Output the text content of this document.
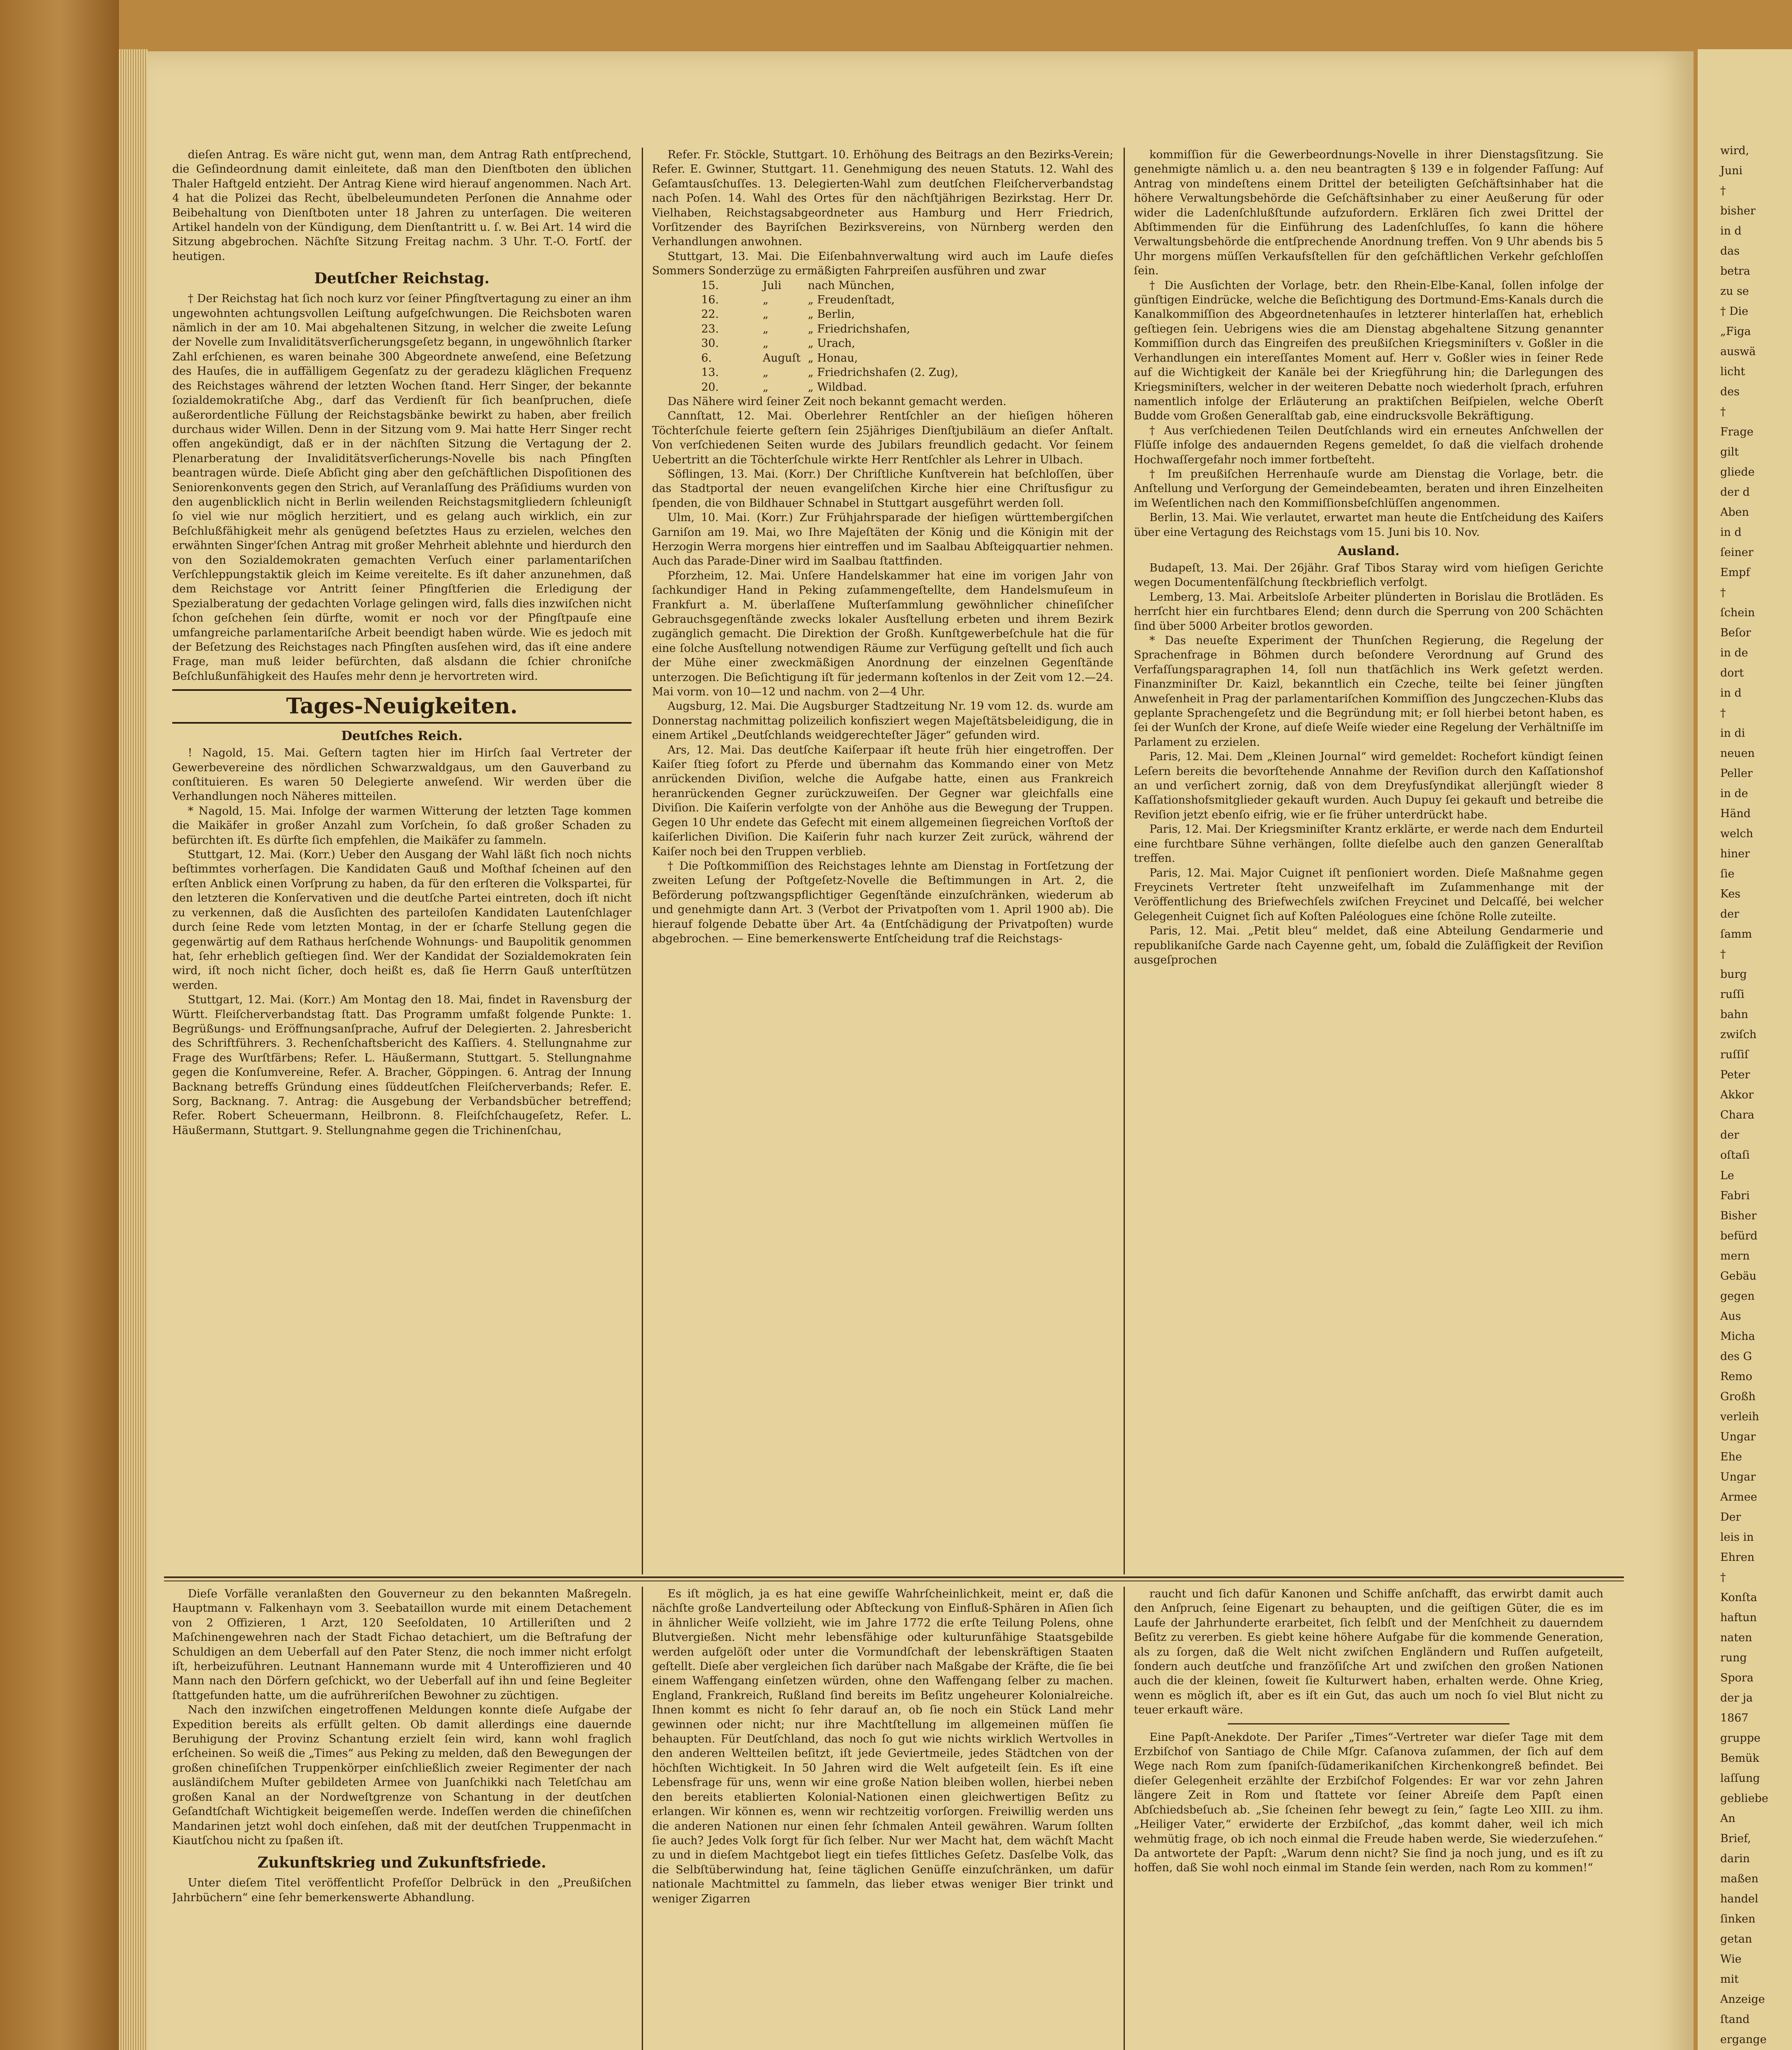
dieſen Antrag. Es wäre nicht gut, wenn man, dem Antrag Rath entſprechend, die Geſindeordnung damit einleitete, daß man den Dienſtboten den üblichen Thaler Haftgeld entzieht. Der Antrag Kiene wird hierauf angenommen. Nach Art. 4 hat die Polizei das Recht, übelbeleumundeten Perſonen die Annahme oder Beibehaltung von Dienſtboten unter 18 Jahren zu unterſagen. Die weiteren Artikel handeln von der Kündigung, dem Dienſtantritt u. ſ. w. Bei Art. 14 wird die Sitzung abgebrochen. Nächſte Sitzung Freitag nachm. 3 Uhr. T.-O. Fortſ. der heutigen.

Deutſcher Reichstag.

† Der Reichstag hat ſich noch kurz vor ſeiner Pfingſtvertagung zu einer an ihm ungewohnten achtungsvollen Leiſtung aufgeſchwungen. Die Reichsboten waren nämlich in der am 10. Mai abgehaltenen Sitzung, in welcher die zweite Leſung der Novelle zum Invaliditätsverſicherungsgeſetz begann, in ungewöhnlich ſtarker Zahl erſchienen, es waren beinahe 300 Abgeordnete anweſend, eine Beſetzung des Hauſes, die in auffälligem Gegenſatz zu der geradezu kläglichen Frequenz des Reichstages während der letzten Wochen ſtand. Herr Singer, der bekannte ſozialdemokratiſche Abg., darf das Verdienſt für ſich beanſpruchen, dieſe außerordentliche Füllung der Reichstagsbänke bewirkt zu haben, aber freilich durchaus wider Willen. Denn in der Sitzung vom 9. Mai hatte Herr Singer recht offen angekündigt, daß er in der nächſten Sitzung die Vertagung der 2. Plenarberatung der Invaliditätsverſicherungs-Novelle bis nach Pfingſten beantragen würde. Dieſe Abſicht ging aber den geſchäftlichen Dispoſitionen des Seniorenkonvents gegen den Strich, auf Veranlaſſung des Präſidiums wurden von den augenblicklich nicht in Berlin weilenden Reichstagsmitgliedern ſchleunigſt ſo viel wie nur möglich herzitiert, und es gelang auch wirklich, ein zur Beſchlußfähigkeit mehr als genügend beſetztes Haus zu erzielen, welches den erwähnten Singer'ſchen Antrag mit großer Mehrheit ablehnte und hierdurch den von den Sozialdemokraten gemachten Verſuch einer parlamentariſchen Verſchleppungstaktik gleich im Keime vereitelte. Es iſt daher anzunehmen, daß dem Reichstage vor Antritt ſeiner Pfingſtferien die Erledigung der Spezialberatung der gedachten Vorlage gelingen wird, falls dies inzwiſchen nicht ſchon geſchehen ſein dürfte, womit er noch vor der Pfingſtpauſe eine umfangreiche parlamentariſche Arbeit beendigt haben würde. Wie es jedoch mit der Beſetzung des Reichstages nach Pfingſten ausſehen wird, das iſt eine andere Frage, man muß leider befürchten, daß alsdann die ſchier chroniſche Beſchlußunfähigkeit des Hauſes mehr denn je hervortreten wird.

Tages-Neuigkeiten.
Deutſches Reich.

! Nagold, 15. Mai. Geſtern tagten hier im Hirſch ſaal Vertreter der Gewerbevereine des nördlichen Schwarzwaldgaus, um den Gauverband zu conſtituieren. Es waren 50 Delegierte anweſend. Wir werden über die Verhandlungen noch Näheres mitteilen.

* Nagold, 15. Mai. Infolge der warmen Witterung der letzten Tage kommen die Maikäfer in großer Anzahl zum Vorſchein, ſo daß großer Schaden zu befürchten iſt. Es dürfte ſich empfehlen, die Maikäfer zu ſammeln.

Stuttgart, 12. Mai. (Korr.) Ueber den Ausgang der Wahl läßt ſich noch nichts beſtimmtes vorherſagen. Die Kandidaten Gauß und Moſthaf ſcheinen auf den erſten Anblick einen Vorſprung zu haben, da für den erſteren die Volkspartei, für den letzteren die Konſervativen und die deutſche Partei eintreten, doch iſt nicht zu verkennen, daß die Ausſichten des parteiloſen Kandidaten Lautenſchlager durch ſeine Rede vom letzten Montag, in der er ſcharfe Stellung gegen die gegenwärtig auf dem Rathaus herſchende Wohnungs- und Baupolitik genommen hat, ſehr erheblich geſtiegen ſind. Wer der Kandidat der Sozialdemokraten ſein wird, iſt noch nicht ſicher, doch heißt es, daß ſie Herrn Gauß unterſtützen werden.

Stuttgart, 12. Mai. (Korr.) Am Montag den 18. Mai, findet in Ravensburg der Württ. Fleiſcherverbandstag ſtatt. Das Programm umfaßt folgende Punkte: 1. Begrüßungs- und Eröffnungsanſprache, Aufruf der Delegierten. 2. Jahresbericht des Schriftführers. 3. Rechenſchaftsbericht des Kaſſiers. 4. Stellungnahme zur Frage des Wurſtfärbens; Refer. L. Häußermann, Stuttgart. 5. Stellungnahme gegen die Konſumvereine, Refer. A. Bracher, Göppingen. 6. Antrag der Innung Backnang betreffs Gründung eines ſüddeutſchen Fleiſcherverbands; Refer. E. Sorg, Backnang. 7. Antrag: die Ausgebung der Verbandsbücher betreffend; Refer. Robert Scheuermann, Heilbronn. 8. Fleiſchſchaugeſetz, Refer. L. Häußermann, Stuttgart. 9. Stellungnahme gegen die Trichinenſchau,

Refer. Fr. Stöckle, Stuttgart. 10. Erhöhung des Beitrags an den Bezirks-Verein; Refer. E. Gwinner, Stuttgart. 11. Genehmigung des neuen Statuts. 12. Wahl des Geſamtausſchuſſes. 13. Delegierten-Wahl zum deutſchen Fleiſcherverbandstag nach Poſen. 14. Wahl des Ortes für den nächſtjährigen Bezirkstag. Herr Dr. Vielhaben, Reichstagsabgeordneter aus Hamburg und Herr Friedrich, Vorſitzender des Bayriſchen Bezirksvereins, von Nürnberg werden den Verhandlungen anwohnen.

Stuttgart, 13. Mai. Die Eiſenbahnverwaltung wird auch im Laufe dieſes Sommers Sonderzüge zu ermäßigten Fahrpreiſen ausführen und zwar

15.	Juli	nach München,
16.	„	„ Freudenſtadt,
22.	„	„ Berlin,
23.	„	„ Friedrichshafen,
30.	„	„ Urach,
6.	Auguſt „ Honau,
13.	„	„ Friedrichshafen (2. Zug),
20.	„	„ Wildbad.

Das Nähere wird ſeiner Zeit noch bekannt gemacht werden.

Cannſtatt, 12. Mai. Oberlehrer Rentſchler an der hieſigen höheren Töchterſchule feierte geſtern ſein 25jähriges Dienſtjubiläum an dieſer Anſtalt. Von verſchiedenen Seiten wurde des Jubilars freundlich gedacht. Vor ſeinem Uebertritt an die Töchterſchule wirkte Herr Rentſchler als Lehrer in Ulbach.

Söflingen, 13. Mai. (Korr.) Der Chriſtliche Kunſtverein hat beſchloſſen, über das Stadtportal der neuen evangeliſchen Kirche hier eine Chriſtusfigur zu ſpenden, die von Bildhauer Schnabel in Stuttgart ausgeführt werden ſoll.

Ulm, 10. Mai. (Korr.) Zur Frühjahrsparade der hieſigen württembergiſchen Garniſon am 19. Mai, wo Ihre Majeſtäten der König und die Königin mit der Herzogin Werra morgens hier eintreffen und im Saalbau Abſteigquartier nehmen. Auch das Parade-Diner wird im Saalbau ſtattfinden.

Pforzheim, 12. Mai. Unſere Handelskammer hat eine im vorigen Jahr von ſachkundiger Hand in Peking zuſammengeſtellte, dem Handelsmuſeum in Frankfurt a. M. überlaſſene Muſterſammlung gewöhnlicher chineſiſcher Gebrauchsgegenſtände zwecks lokaler Ausſtellung erbeten und ihrem Bezirk zugänglich gemacht. Die Direktion der Großh. Kunſtgewerbeſchule hat die für eine ſolche Ausſtellung notwendigen Räume zur Verfügung geſtellt und ſich auch der Mühe einer zweckmäßigen Anordnung der einzelnen Gegenſtände unterzogen. Die Beſichtigung iſt für jedermann koſtenlos in der Zeit vom 12.—24. Mai vorm. von 10—12 und nachm. von 2—4 Uhr.

Augsburg, 12. Mai. Die Augsburger Stadtzeitung Nr. 19 vom 12. ds. wurde am Donnerstag nachmittag polizeilich konfisziert wegen Majeſtätsbeleidigung, die in einem Artikel „Deutſchlands weidgerechteſter Jäger“ gefunden wird.

Ars, 12. Mai. Das deutſche Kaiſerpaar iſt heute früh hier eingetroffen. Der Kaiſer ſtieg ſofort zu Pferde und übernahm das Kommando einer von Metz anrückenden Diviſion, welche die Aufgabe hatte, einen aus Frankreich heranrückenden Gegner zurückzuweiſen. Der Gegner war gleichfalls eine Diviſion. Die Kaiſerin verfolgte von der Anhöhe aus die Bewegung der Truppen. Gegen 10 Uhr endete das Gefecht mit einem allgemeinen ſiegreichen Vorſtoß der kaiſerlichen Diviſion. Die Kaiſerin fuhr nach kurzer Zeit zurück, während der Kaiſer noch bei den Truppen verblieb.

† Die Poſtkommiſſion des Reichstages lehnte am Dienstag in Fortſetzung der zweiten Leſung der Poſtgeſetz-Novelle die Beſtimmungen in Art. 2, die Beförderung poſtzwangspflichtiger Gegenſtände einzuſchränken, wiederum ab und genehmigte dann Art. 3 (Verbot der Privatpoſten vom 1. April 1900 ab). Die hierauf folgende Debatte über Art. 4a (Entſchädigung der Privatpoſten) wurde abgebrochen. — Eine bemerkenswerte Entſcheidung traf die Reichstags-

kommiſſion für die Gewerbeordnungs-Novelle in ihrer Dienstagsſitzung. Sie genehmigte nämlich u. a. den neu beantragten § 139 e in folgender Faſſung: Auf Antrag von mindeſtens einem Drittel der beteiligten Geſchäftsinhaber hat die höhere Verwaltungsbehörde die Geſchäftsinhaber zu einer Aeußerung für oder wider die Ladenſchlußſtunde aufzufordern. Erklären ſich zwei Drittel der Abſtimmenden für die Einführung des Ladenſchluſſes, ſo kann die höhere Verwaltungsbehörde die entſprechende Anordnung treffen. Von 9 Uhr abends bis 5 Uhr morgens müſſen Verkaufsſtellen für den geſchäftlichen Verkehr geſchloſſen ſein.

† Die Ausſichten der Vorlage, betr. den Rhein-Elbe-Kanal, ſollen infolge der günſtigen Eindrücke, welche die Beſichtigung des Dortmund-Ems-Kanals durch die Kanalkommiſſion des Abgeordnetenhauſes in letzterer hinterlaſſen hat, erheblich geſtiegen ſein. Uebrigens wies die am Dienstag abgehaltene Sitzung genannter Kommiſſion durch das Eingreifen des preußiſchen Kriegsminiſters v. Goßler in die Verhandlungen ein intereſſantes Moment auf. Herr v. Goßler wies in ſeiner Rede auf die Wichtigkeit der Kanäle bei der Kriegführung hin; die Darlegungen des Kriegsminiſters, welcher in der weiteren Debatte noch wiederholt ſprach, erfuhren namentlich infolge der Erläuterung an praktiſchen Beiſpielen, welche Oberſt Budde vom Großen Generalſtab gab, eine eindrucksvolle Bekräftigung.

† Aus verſchiedenen Teilen Deutſchlands wird ein erneutes Anſchwellen der Flüſſe infolge des andauernden Regens gemeldet, ſo daß die vielfach drohende Hochwaſſergefahr noch immer fortbeſteht.

† Im preußiſchen Herrenhauſe wurde am Dienstag die Vorlage, betr. die Anſtellung und Verſorgung der Gemeindebeamten, beraten und ihren Einzelheiten im Weſentlichen nach den Kommiſſionsbeſchlüſſen angenommen.

Berlin, 13. Mai. Wie verlautet, erwartet man heute die Entſcheidung des Kaiſers über eine Vertagung des Reichstags vom 15. Juni bis 10. Nov.

Ausland.

Budapeſt, 13. Mai. Der 26jähr. Graf Tibos Staray wird vom hieſigen Gerichte wegen Documentenfälſchung ſteckbrieflich verfolgt.

Lemberg, 13. Mai. Arbeitsloſe Arbeiter plünderten in Borislau die Brotläden. Es herrſcht hier ein furchtbares Elend; denn durch die Sperrung von 200 Schächten ſind über 5000 Arbeiter brotlos geworden.

* Das neueſte Experiment der Thunſchen Regierung, die Regelung der Sprachenfrage in Böhmen durch beſondere Verordnung auf Grund des Verfaſſungsparagraphen 14, ſoll nun thatſächlich ins Werk geſetzt werden. Finanzminiſter Dr. Kaizl, bekanntlich ein Czeche, teilte bei ſeiner jüngſten Anweſenheit in Prag der parlamentariſchen Kommiſſion des Jungczechen-Klubs das geplante Sprachengeſetz und die Begründung mit; er ſoll hierbei betont haben, es ſei der Wunſch der Krone, auf dieſe Weiſe wieder eine Regelung der Verhältniſſe im Parlament zu erzielen.

Paris, 12. Mai. Dem „Kleinen Journal“ wird gemeldet: Rochefort kündigt ſeinen Leſern bereits die bevorſtehende Annahme der Reviſion durch den Kaſſationshof an und verſichert zornig, daß von dem Dreyfusſyndikat allerjüngſt wieder 8 Kaſſationshofsmitglieder gekauft wurden. Auch Dupuy ſei gekauft und betreibe die Reviſion jetzt ebenſo eifrig, wie er ſie früher unterdrückt habe.

Paris, 12. Mai. Der Kriegsminiſter Krantz erklärte, er werde nach dem Endurteil eine furchtbare Sühne verhängen, ſollte dieſelbe auch den ganzen Generalſtab treffen.

Paris, 12. Mai. Major Cuignet iſt penſioniert worden. Dieſe Maßnahme gegen Freycinets Vertreter ſteht unzweifelhaft im Zuſammenhange mit der Veröffentlichung des Briefwechſels zwiſchen Freycinet und Delcaſſé, bei welcher Gelegenheit Cuignet ſich auf Koſten Paléologues eine ſchöne Rolle zuteilte.

Paris, 12. Mai. „Petit bleu“ meldet, daß eine Abteilung Gendarmerie und republikaniſche Garde nach Cayenne geht, um, ſobald die Zuläſſigkeit der Reviſion ausgeſprochen

Dieſe Vorfälle veranlaßten den Gouverneur zu den bekannten Maßregeln. Hauptmann v. Falkenhayn vom 3. Seebataillon wurde mit einem Detachement von 2 Offizieren, 1 Arzt, 120 Seeſoldaten, 10 Artilleriſten und 2 Maſchinengewehren nach der Stadt Fichao detachiert, um die Beſtrafung der Schuldigen an dem Ueberfall auf den Pater Stenz, die noch immer nicht erfolgt iſt, herbeizuführen. Leutnant Hannemann wurde mit 4 Unteroffizieren und 40 Mann nach den Dörfern geſchickt, wo der Ueberfall auf ihn und ſeine Begleiter ſtattgefunden hatte, um die aufrühreriſchen Bewohner zu züchtigen.

Nach den inzwiſchen eingetroffenen Meldungen konnte dieſe Aufgabe der Expedition bereits als erfüllt gelten. Ob damit allerdings eine dauernde Beruhigung der Provinz Schantung erzielt ſein wird, kann wohl fraglich erſcheinen. So weiß die „Times“ aus Peking zu melden, daß den Bewegungen der großen chineſiſchen Truppenkörper einſchließlich zweier Regimenter der nach ausländiſchem Muſter gebildeten Armee von Juanſchikki nach Teletſchau am großen Kanal an der Nordweſtgrenze von Schantung in der deutſchen Geſandtſchaft Wichtigkeit beigemeſſen werde. Indeſſen werden die chineſiſchen Mandarinen jetzt wohl doch einſehen, daß mit der deutſchen Truppenmacht in Kiautſchou nicht zu ſpaßen iſt.

Zukunftskrieg und Zukunftsfriede.

Unter dieſem Titel veröffentlicht Profeſſor Delbrück in den „Preußiſchen Jahrbüchern“ eine ſehr bemerkenswerte Abhandlung.

Es iſt möglich, ja es hat eine gewiſſe Wahrſcheinlichkeit, meint er, daß die nächſte große Landverteilung oder Abſteckung von Einfluß-Sphären in Aſien ſich in ähnlicher Weiſe vollzieht, wie im Jahre 1772 die erſte Teilung Polens, ohne Blutvergießen. Nicht mehr lebensfähige oder kulturunfähige Staatsgebilde werden aufgelöſt oder unter die Vormundſchaft der lebenskräftigen Staaten geſtellt. Dieſe aber vergleichen ſich darüber nach Maßgabe der Kräfte, die ſie bei einem Waffengang einſetzen würden, ohne den Waffengang ſelber zu machen. England, Frankreich, Rußland ſind bereits im Beſitz ungeheurer Kolonialreiche. Ihnen kommt es nicht ſo ſehr darauf an, ob ſie noch ein Stück Land mehr gewinnen oder nicht; nur ihre Machtſtellung im allgemeinen müſſen ſie behaupten. Für Deutſchland, das noch ſo gut wie nichts wirklich Wertvolles in den anderen Weltteilen beſitzt, iſt jede Geviertmeile, jedes Städtchen von der höchſten Wichtigkeit. In 50 Jahren wird die Welt aufgeteilt ſein. Es iſt eine Lebensfrage für uns, wenn wir eine große Nation bleiben wollen, hierbei neben den bereits etablierten Kolonial-Nationen einen gleichwertigen Beſitz zu erlangen. Wir können es, wenn wir rechtzeitig vorſorgen. Freiwillig werden uns die anderen Nationen nur einen ſehr ſchmalen Anteil gewähren. Warum ſollten ſie auch? Jedes Volk ſorgt für ſich ſelber. Nur wer Macht hat, dem wächſt Macht zu und in dieſem Machtgebot liegt ein tiefes ſittliches Geſetz. Dasſelbe Volk, das die Selbſtüberwindung hat, ſeine täglichen Genüſſe einzuſchränken, um dafür nationale Machtmittel zu ſammeln, das lieber etwas weniger Bier trinkt und weniger Zigarren

raucht und ſich dafür Kanonen und Schiffe anſchafft, das erwirbt damit auch den Anſpruch, ſeine Eigenart zu behaupten, und die geiſtigen Güter, die es im Laufe der Jahrhunderte erarbeitet, ſich ſelbſt und der Menſchheit zu dauerndem Beſitz zu vererben. Es giebt keine höhere Aufgabe für die kommende Generation, als zu ſorgen, daß die Welt nicht zwiſchen Engländern und Ruſſen aufgeteilt, ſondern auch deutſche und franzöſiſche Art und zwiſchen den großen Nationen auch die der kleinen, ſoweit ſie Kulturwert haben, erhalten werde. Ohne Krieg, wenn es möglich iſt, aber es iſt ein Gut, das auch um noch ſo viel Blut nicht zu teuer erkauft wäre.

Eine Papſt-Anekdote. Der Pariſer „Times“-Vertreter war dieſer Tage mit dem Erzbiſchof von Santiago de Chile Mſgr. Caſanova zuſammen, der ſich auf dem Wege nach Rom zum ſpaniſch-ſüdamerikaniſchen Kirchenkongreß befindet. Bei dieſer Gelegenheit erzählte der Erzbiſchof Folgendes: Er war vor zehn Jahren längere Zeit in Rom und ſtattete vor ſeiner Abreiſe dem Papſt einen Abſchiedsbeſuch ab. „Sie ſcheinen ſehr bewegt zu ſein,“ ſagte Leo XIII. zu ihm. „Heiliger Vater,“ erwiderte der Erzbiſchof, „das kommt daher, weil ich mich wehmütig frage, ob ich noch einmal die Freude haben werde, Sie wiederzuſehen.“ Da antwortete der Papſt: „Warum denn nicht? Sie ſind ja noch jung, und es iſt zu hoffen, daß Sie wohl noch einmal im Stande ſein werden, nach Rom zu kommen!“

wird,
Juni
†
bisher
in d
das
betra
zu se
† Die
„Figa
auswä
licht
des
†
Frage
gilt
gliede
der d
Aben
in d
ſeiner
Empf
†
ſchein
Beſor
in de
dort
in d
†
in di
neuen
Peller
in de
Händ
welch
hiner
ſie
Kes
der
ſamm
†
burg
ruſſi
bahn
zwiſch
ruſſiſ
Peter
Akkor
Chara
der
oſtaſi
Le
Fabri
Bisher
befürd
mern
Gebäu
gegen
Aus
Micha
des G
Remo
Großh
verleih
Ungar
Ehe
Ungar
Armee
Der
leis in
Ehren
†
Konſta
haftun
naten
rung
Spora
der ja
1867
gruppe
Bemük
laſſung
gebliebe
An
Brief,
darin
maßen
handel
ſinken
getan
Wie
mit
Anzeige
ſtand
ergange
